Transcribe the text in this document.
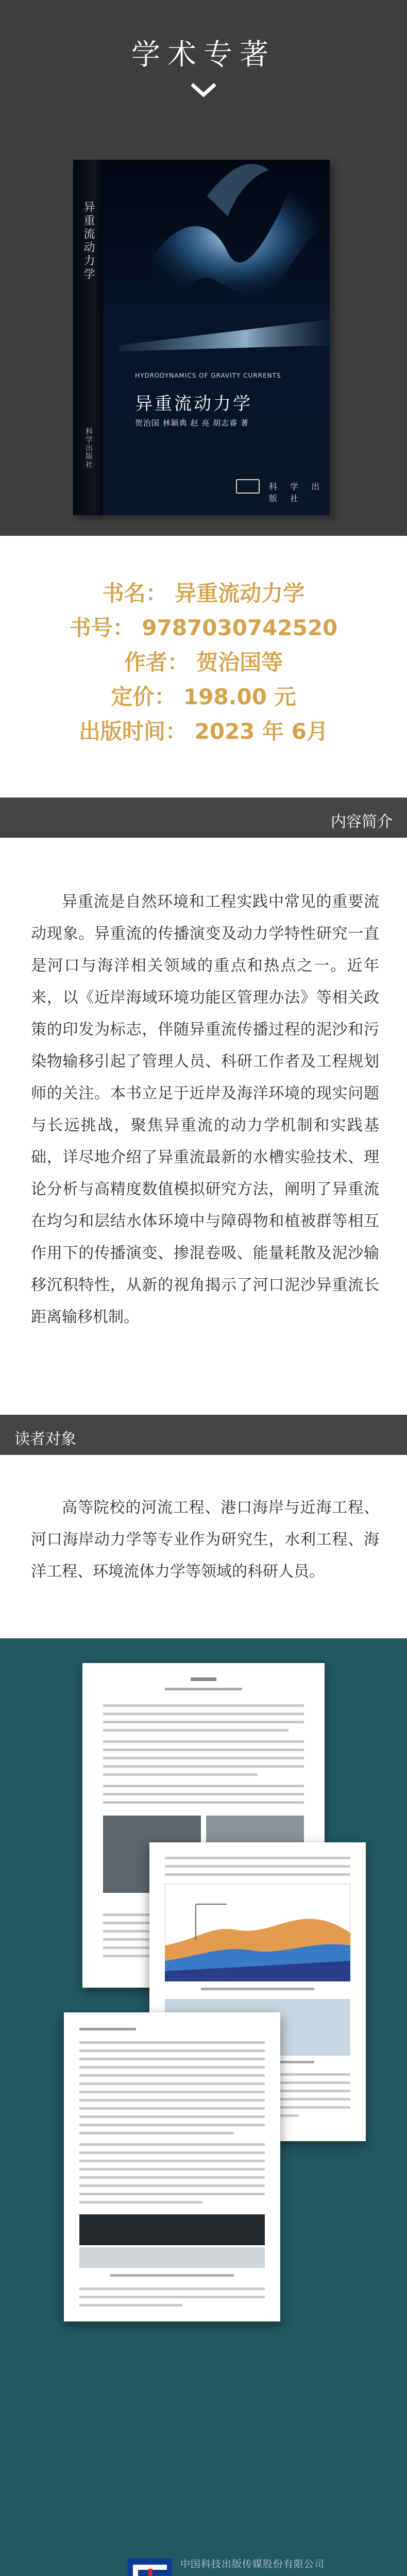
学术专著
异重流动力学
科学出版社
HYDRODYNAMICS OF GRAVITY CURRENTS
异重流动力学
贺治国 林颖典 赵 亮 胡志睿 著
科 学 出 版 社
书名： 异重流动力学
书号： 9787030742520
作者： 贺治国等
定价： 198.00 元
出版时间： 2023 年 6月
内容简介
异重流是自然环境和工程实践中常见的重要流动现象。异重流的传播演变及动力学特性研究一直是河口与海洋相关领域的重点和热点之一。近年来，以《近岸海域环境功能区管理办法》等相关政策的印发为标志，伴随异重流传播过程的泥沙和污染物输移引起了管理人员、科研工作者及工程规划师的关注。本书立足于近岸及海洋环境的现实问题与长远挑战，聚焦异重流的动力学机制和实践基础，详尽地介绍了异重流最新的水槽实验技术、理论分析与高精度数值模拟研究方法，阐明了异重流在均匀和层结水体环境中与障碍物和植被群等相互作用下的传播演变、掺混卷吸、能量耗散及泥沙输移沉积特性，从新的视角揭示了河口泥沙异重流长距离输移机制。
读者对象
高等院校的河流工程、港口海岸与近海工程、河口海岸动力学等专业作为研究生，水利工程、海洋工程、环境流体力学等领域的科研人员。
中国科技出版传媒股份有限公司
